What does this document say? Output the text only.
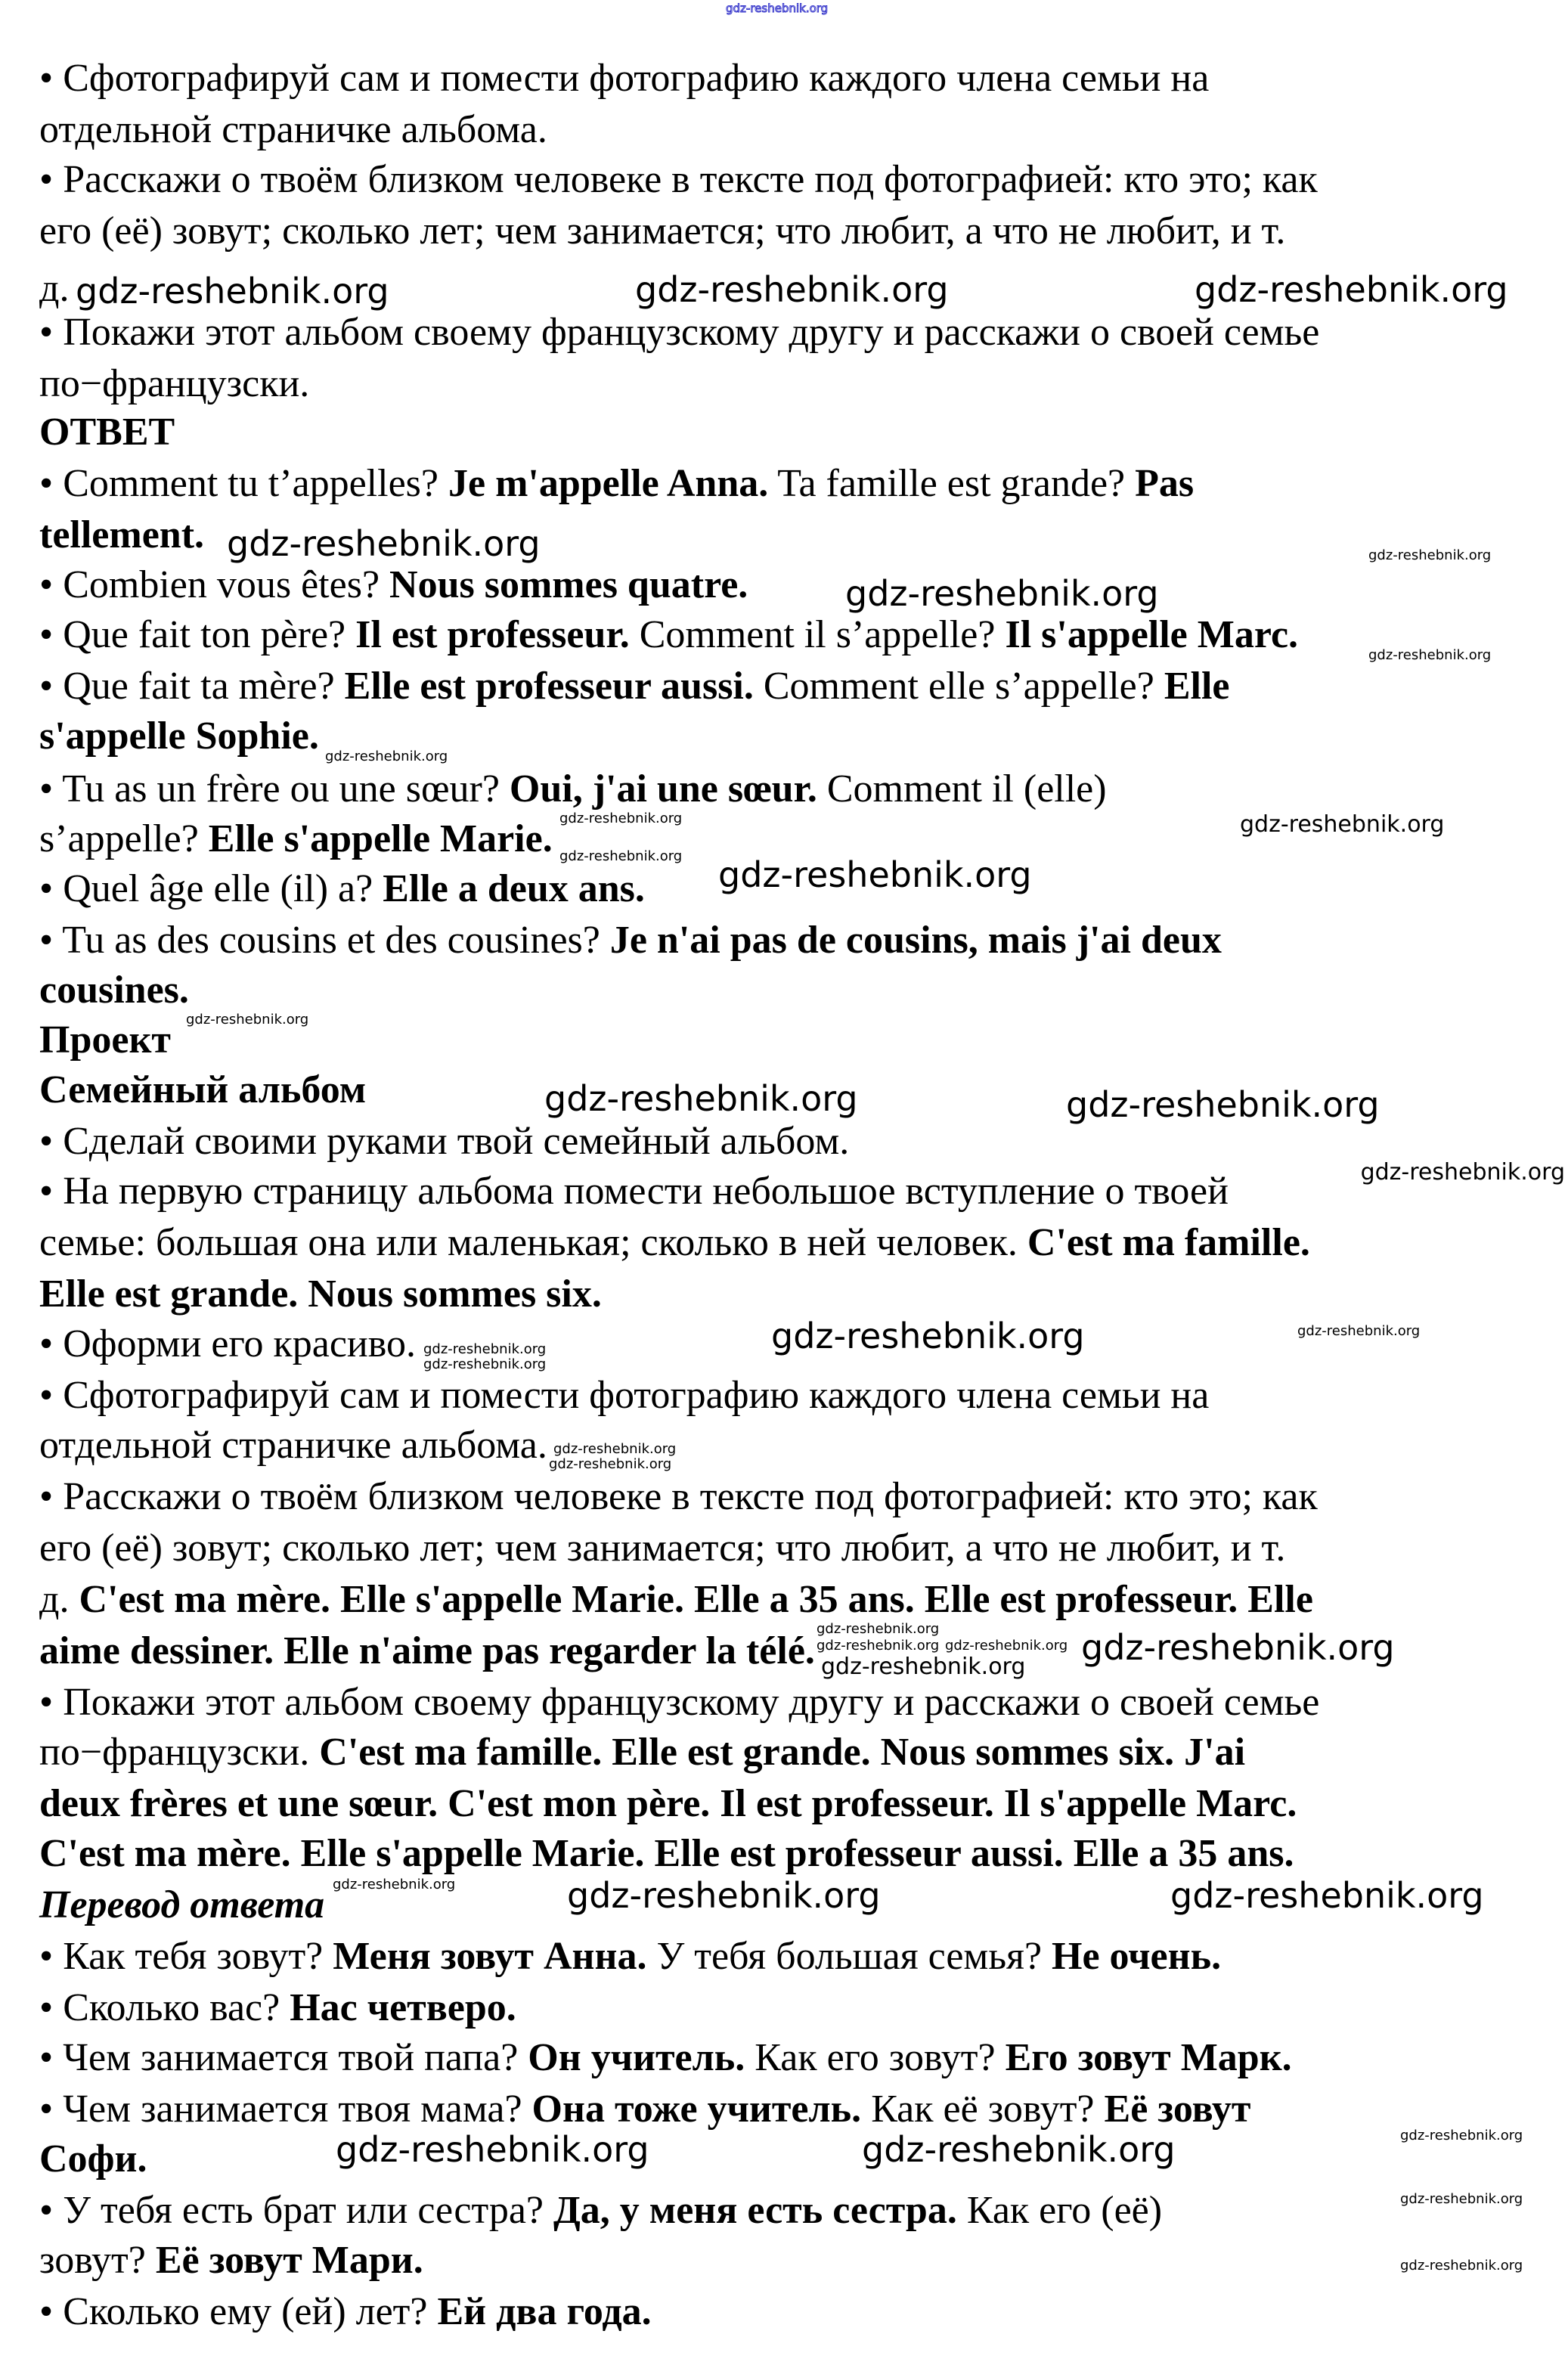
gdz-reshebnik.org
• Сфотографируй сам и помести фотографию каждого члена семьи на
отдельной страничке альбома.
• Расскажи о твоём близком человеке в тексте под фотографией: кто это; как
его (её) зовут; сколько лет; чем занимается; что любит, а что не любит, и т.
д.
• Покажи этот альбом своему французскому другу и расскажи о своей семье
по−французски.
ОТВЕТ
• Comment tu t’appelles? Je m'appelle Anna. Ta famille est grande? Pas
tellement.
• Combien vous êtes? Nous sommes quatre.
• Que fait ton père? Il est professeur. Comment il s’appelle? Il s'appelle Marc.
• Que fait ta mère? Elle est professeur aussi. Comment elle s’appelle? Elle
s'appelle Sophie.
• Tu as un frère ou une sœur? Oui, j'ai une sœur. Comment il (elle)
s’appelle? Elle s'appelle Marie.
• Quel âge elle (il) a? Elle a deux ans.
• Tu as des cousins et des cousines? Je n'ai pas de cousins, mais j'ai deux
cousines.
Проект
Семейный альбом
• Сделай своими руками твой семейный альбом.
• На первую страницу альбома помести небольшое вступление о твоей
семье: большая она или маленькая; сколько в ней человек. C'est ma famille.
Elle est grande. Nous sommes six.
• Оформи его красиво.
• Сфотографируй сам и помести фотографию каждого члена семьи на
отдельной страничке альбома.
• Расскажи о твоём близком человеке в тексте под фотографией: кто это; как
его (её) зовут; сколько лет; чем занимается; что любит, а что не любит, и т.
д. C'est ma mère. Elle s'appelle Marie. Elle a 35 ans. Elle est professeur. Elle
aime dessiner. Elle n'aime pas regarder la télé.
• Покажи этот альбом своему французскому другу и расскажи о своей семье
по−французски. C'est ma famille. Elle est grande. Nous sommes six. J'ai
deux frères et une sœur. C'est mon père. Il est professeur. Il s'appelle Marc.
C'est ma mère. Elle s'appelle Marie. Elle est professeur aussi. Elle a 35 ans.
Перевод ответа
• Как тебя зовут? Меня зовут Анна. У тебя большая семья? Не очень.
• Сколько вас? Нас четверо.
• Чем занимается твой папа? Он учитель. Как его зовут? Его зовут Марк.
• Чем занимается твоя мама? Она тоже учитель. Как её зовут? Её зовут
Софи.
• У тебя есть брат или сестра? Да, у меня есть сестра. Как его (её)
зовут? Её зовут Мари.
• Сколько ему (ей) лет? Ей два года.
gdz-reshebnik.org	gdz-reshebnik.org	gdz-reshebnik.org
gdz-reshebnik.org	gdz-reshebnik.org
gdz-reshebnik.org
gdz-reshebnik.org
gdz-reshebnik.org
gdz-reshebnik.org	gdz-reshebnik.org
gdz-reshebnik.org gdz-reshebnik.org
gdz-reshebnik.org
gdz-reshebnik.org	gdz-reshebnik.org
gdz-reshebnik.org
gdz-reshebnik.org	gdz-reshebnik.org
gdz-reshebnik.org
gdz-reshebnik.org
gdz-reshebnik.org
gdz-reshebnik.org
gdz-reshebnik.org
gdz-reshebnik.org	gdz-reshebnik.org
gdz-reshebnik.org
gdz-reshebnik.org
gdz-reshebnik.org	gdz-reshebnik.org	gdz-reshebnik.org
gdz-reshebnik.org	gdz-reshebnik.org	gdz-reshebnik.org
gdz-reshebnik.org
gdz-reshebnik.org
